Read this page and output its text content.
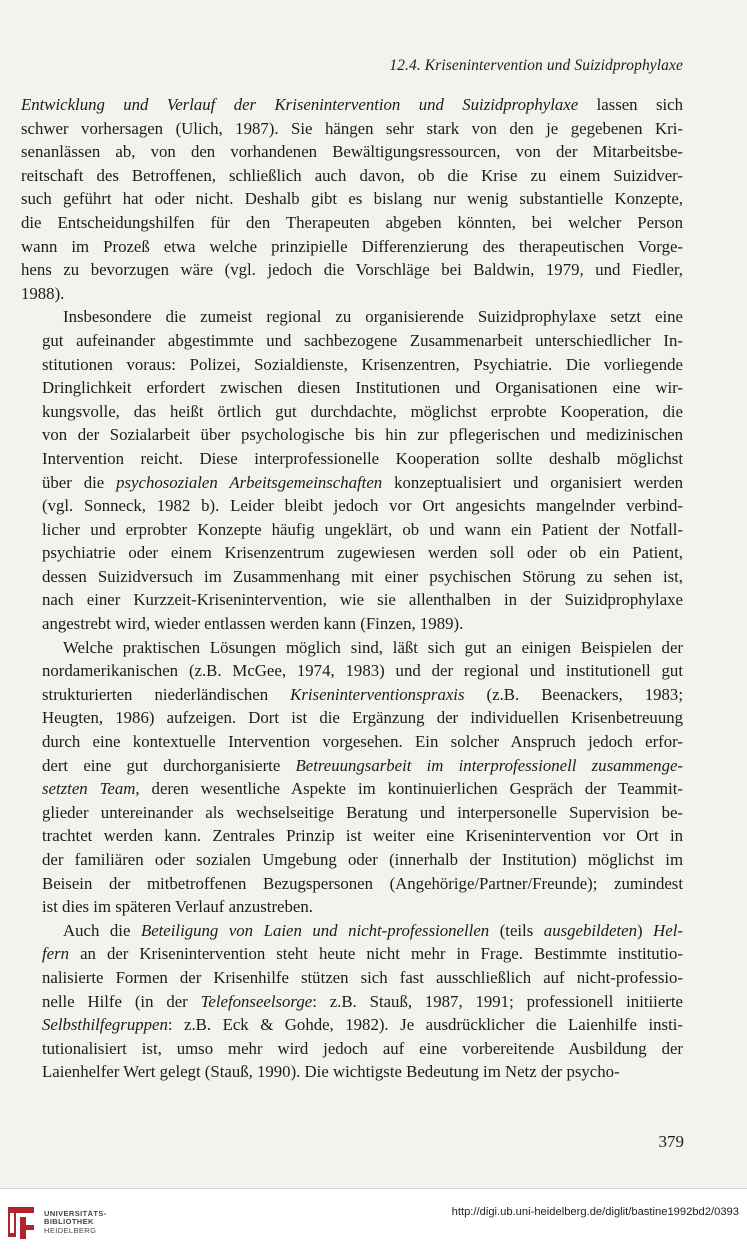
12.4. Krisenintervention und Suizidprophylaxe

Entwicklung und Verlauf der Krisenintervention und Suizidprophylaxe lassen sich
schwer vorhersagen (Ulich, 1987). Sie hängen sehr stark von den je gegebenen Kri-
senanlässen ab, von den vorhandenen Bewältigungsressourcen, von der Mitarbeitsbe-
reitschaft des Betroffenen, schließlich auch davon, ob die Krise zu einem Suizidver-
such geführt hat oder nicht. Deshalb gibt es bislang nur wenig substantielle Konzepte,
die Entscheidungshilfen für den Therapeuten abgeben könnten, bei welcher Person
wann im Prozeß etwa welche prinzipielle Differenzierung des therapeutischen Vorge-
hens zu bevorzugen wäre (vgl. jedoch die Vorschläge bei Baldwin, 1979, und Fiedler,
1988).

Insbesondere die zumeist regional zu organisierende Suizidprophylaxe setzt eine
gut aufeinander abgestimmte und sachbezogene Zusammenarbeit unterschiedlicher In-
stitutionen voraus: Polizei, Sozialdienste, Krisenzentren, Psychiatrie. Die vorliegende
Dringlichkeit erfordert zwischen diesen Institutionen und Organisationen eine wir-
kungsvolle, das heißt örtlich gut durchdachte, möglichst erprobte Kooperation, die
von der Sozialarbeit über psychologische bis hin zur pflegerischen und medizinischen
Intervention reicht. Diese interprofessionelle Kooperation sollte deshalb möglichst
über die psychosozialen Arbeitsgemeinschaften konzeptualisiert und organisiert werden
(vgl. Sonneck, 1982 b). Leider bleibt jedoch vor Ort angesichts mangelnder verbind-
licher und erprobter Konzepte häufig ungeklärt, ob und wann ein Patient der Notfall-
psychiatrie oder einem Krisenzentrum zugewiesen werden soll oder ob ein Patient,
dessen Suizidversuch im Zusammenhang mit einer psychischen Störung zu sehen ist,
nach einer Kurzzeit-Krisenintervention, wie sie allenthalben in der Suizidprophylaxe
angestrebt wird, wieder entlassen werden kann (Finzen, 1989).

Welche praktischen Lösungen möglich sind, läßt sich gut an einigen Beispielen der
nordamerikanischen (z.B. McGee, 1974, 1983) und der regional und institutionell gut
strukturierten niederländischen Kriseninterventionspraxis (z.B. Beenackers, 1983;
Heugten, 1986) aufzeigen. Dort ist die Ergänzung der individuellen Krisenbetreuung
durch eine kontextuelle Intervention vorgesehen. Ein solcher Anspruch jedoch erfor-
dert eine gut durchorganisierte Betreuungsarbeit im interprofessionell zusammenge-
setzten Team, deren wesentliche Aspekte im kontinuierlichen Gespräch der Teammit-
glieder untereinander als wechselseitige Beratung und interpersonelle Supervision be-
trachtet werden kann. Zentrales Prinzip ist weiter eine Krisenintervention vor Ort in
der familiären oder sozialen Umgebung oder (innerhalb der Institution) möglichst im
Beisein der mitbetroffenen Bezugspersonen (Angehörige/Partner/Freunde); zumindest
ist dies im späteren Verlauf anzustreben.

Auch die Beteiligung von Laien und nicht-professionellen (teils ausgebildeten) Hel-
fern an der Krisenintervention steht heute nicht mehr in Frage. Bestimmte institutio-
nalisierte Formen der Krisenhilfe stützen sich fast ausschließlich auf nicht-professio-
nelle Hilfe (in der Telefonseelsorge: z.B. Stauß, 1987, 1991; professionell initiierte
Selbsthilfegruppen: z.B. Eck & Gohde, 1982). Je ausdrücklicher die Laienhilfe insti-
tutionalisiert ist, umso mehr wird jedoch auf eine vorbereitende Ausbildung der
Laienhelfer Wert gelegt (Stauß, 1990). Die wichtigste Bedeutung im Netz der psycho-

379
UNIVERSITÄTS-
BIBLIOTHEK
HEIDELBERG
http://digi.ub.uni-heidelberg.de/diglit/bastine1992bd2/0393
